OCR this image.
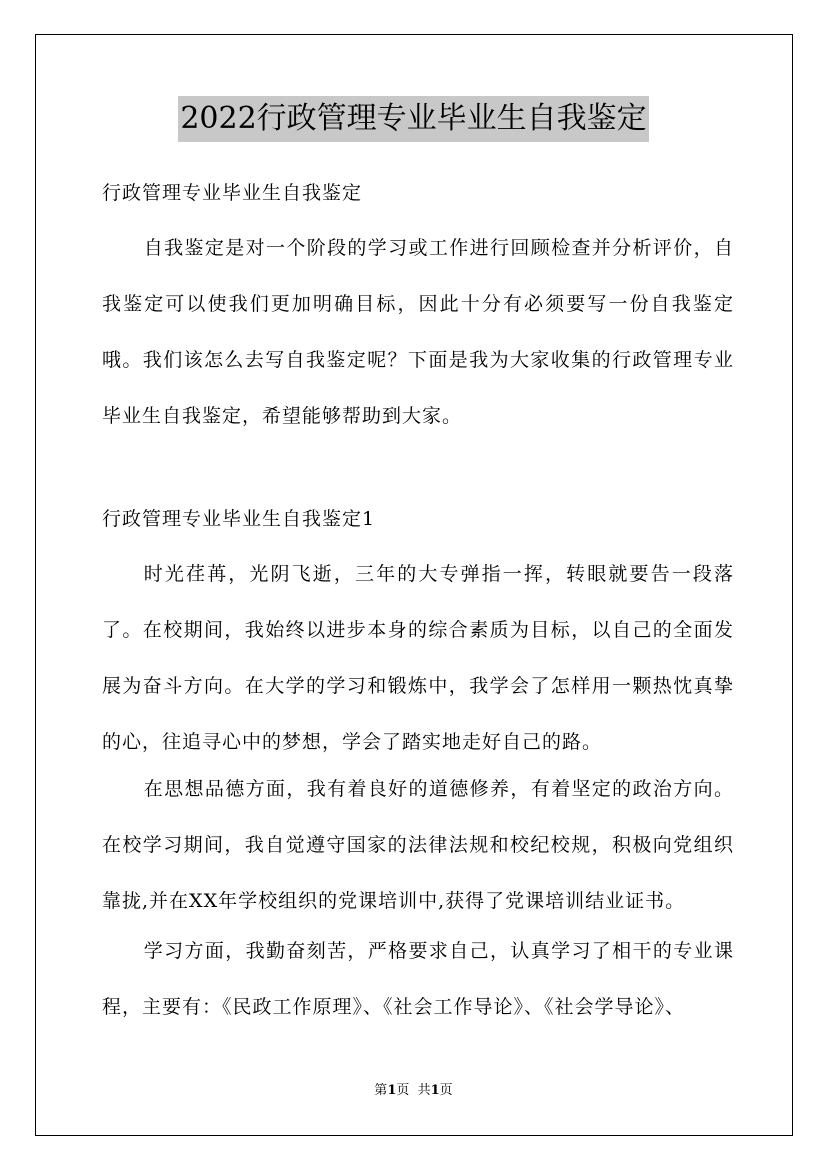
2022行政管理专业毕业生自我鉴定

行政管理专业毕业生自我鉴定

自我鉴定是对一个阶段的学习或工作进行回顾检查并分析评价，自我鉴定可以使我们更加明确目标，因此十分有必须要写一份自我鉴定哦。我们该怎么去写自我鉴定呢？下面是我为大家收集的行政管理专业毕业生自我鉴定，希望能够帮助到大家。

行政管理专业毕业生自我鉴定1

时光荏苒，光阴飞逝，三年的大专弹指一挥，转眼就要告一段落了。在校期间，我始终以进步本身的综合素质为目标，以自己的全面发展为奋斗方向。在大学的学习和锻炼中，我学会了怎样用一颗热忱真挚的心，往追寻心中的梦想，学会了踏实地走好自己的路。

在思想品德方面，我有着良好的道德修养，有着坚定的政治方向。在校学习期间，我自觉遵守国家的法律法规和校纪校规，积极向党组织靠拢,并在XX年学校组织的党课培训中,获得了党课培训结业证书。

学习方面，我勤奋刻苦，严格要求自己，认真学习了相干的专业课程，主要有：《民政工作原理》、《社会工作导论》、《社会学导论》、

第1页  共1页
